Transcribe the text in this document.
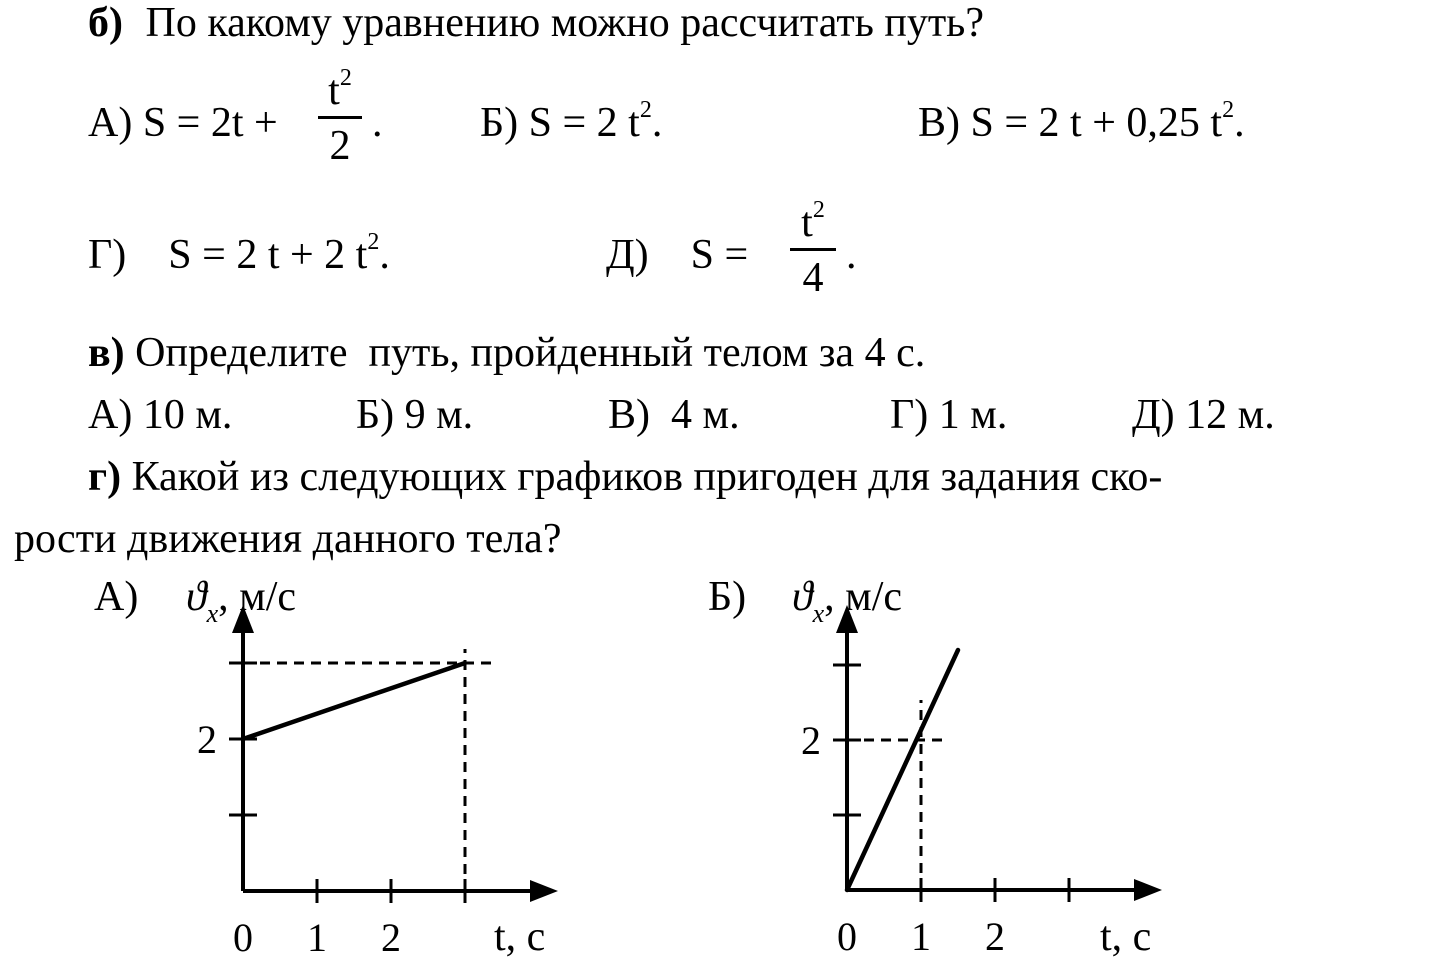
б) По какому уравнению можно рассчитать путь?
А) S = 2t +
$t^2$
2 . Б) S = 2 $t^2$.	В) S = 2 t + 0,25 $t^2$.
Г)    S = 2 t + 2 $t^2$.	Д)    S =
$t^2$
4 .
в) Определите  путь, пройденный телом за 4 с.
А) 10 м.	Б) 9 м.	В)  4 м.	Г) 1 м.	Д) 12 м.
г) Какой из следующих графиков пригоден для задания ско-
рости движения данного тела?
А) $ϑ_x$, м/с
t, с
0 1 2
2
Б) $ϑ_x$, м/с
t, с
0 1 2
2
